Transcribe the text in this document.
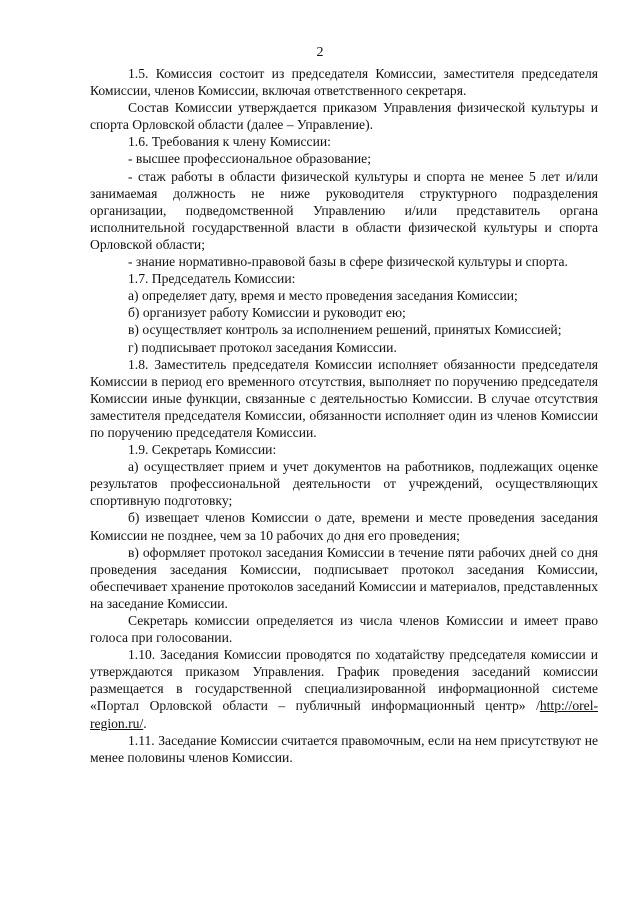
2

1.5. Комиссия состоит из председателя Комиссии, заместителя председателя Комиссии, членов Комиссии, включая ответственного секретаря.

Состав Комиссии утверждается приказом Управления физической культуры и спорта Орловской области (далее – Управление).

1.6. Требования к члену Комиссии:

- высшее профессиональное образование;

- стаж работы в области физической культуры и спорта не менее 5 лет и/или занимаемая должность не ниже руководителя структурного подразделения организации, подведомственной Управлению и/или представитель органа исполнительной государственной власти в области физической культуры и спорта Орловской области;

- знание нормативно-правовой базы в сфере физической культуры и спорта.

1.7. Председатель Комиссии:

а) определяет дату, время и место проведения заседания Комиссии;

б) организует работу Комиссии и руководит ею;

в) осуществляет контроль за исполнением решений, принятых Комиссией;

г) подписывает протокол заседания Комиссии.

1.8. Заместитель председателя Комиссии исполняет обязанности председателя Комиссии в период его временного отсутствия, выполняет по поручению председателя Комиссии иные функции, связанные с деятельностью Комиссии. В случае отсутствия заместителя председателя Комиссии, обязанности исполняет один из членов Комиссии по поручению председателя Комиссии.

1.9. Секретарь Комиссии:

а) осуществляет прием и учет документов на работников, подлежащих оценке результатов профессиональной деятельности от учреждений, осуществляющих спортивную подготовку;

б) извещает членов Комиссии о дате, времени и месте проведения заседания Комиссии не позднее, чем за 10 рабочих до дня его проведения;

в) оформляет протокол заседания Комиссии в течение пяти рабочих дней со дня проведения заседания Комиссии, подписывает протокол заседания Комиссии, обеспечивает хранение протоколов заседаний Комиссии и материалов, представленных на заседание Комиссии.

Секретарь комиссии определяется из числа членов Комиссии и имеет право голоса при голосовании.

1.10. Заседания Комиссии проводятся по ходатайству председателя комиссии и утверждаются приказом Управления. График проведения заседаний комиссии размещается в государственной специализированной информационной системе «Портал Орловской области – публичный информационный центр» /http://orel-region.ru/.

1.11. Заседание Комиссии считается правомочным, если на нем присутствуют не менее половины членов Комиссии.
